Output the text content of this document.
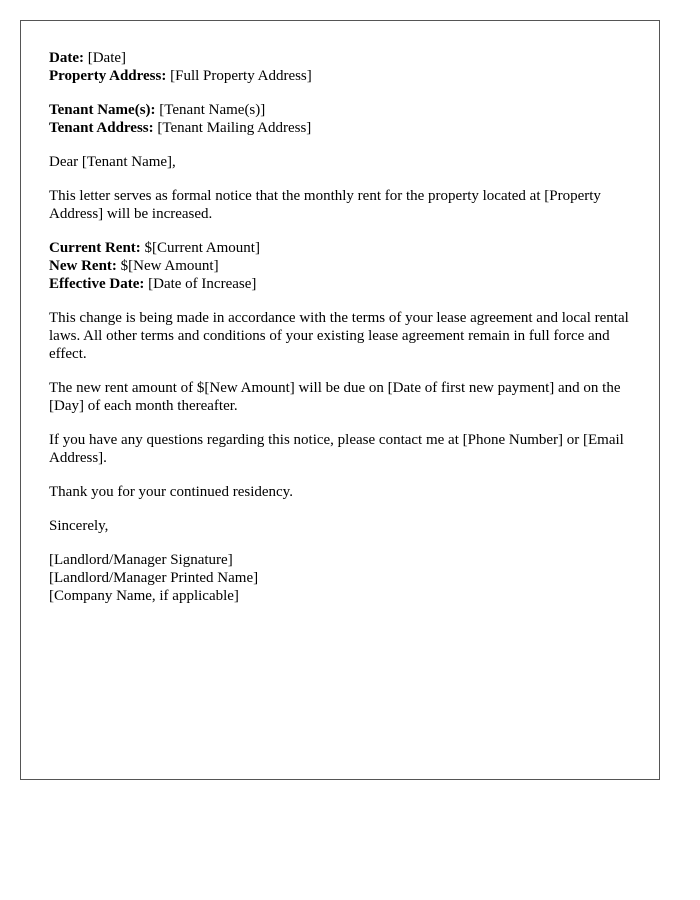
Date: [Date]
Property Address: [Full Property Address]
Tenant Name(s): [Tenant Name(s)]
Tenant Address: [Tenant Mailing Address]

Dear [Tenant Name],

This letter serves as formal notice that the monthly rent for the property located at [Property Address] will be increased.

Current Rent: $[Current Amount]
New Rent: $[New Amount]
Effective Date: [Date of Increase]

This change is being made in accordance with the terms of your lease agreement and local rental laws. All other terms and conditions of your existing lease agreement remain in full force and effect.

The new rent amount of $[New Amount] will be due on [Date of first new payment] and on the [Day] of each month thereafter.

If you have any questions regarding this notice, please contact me at [Phone Number] or [Email Address].

Thank you for your continued residency.

Sincerely,

[Landlord/Manager Signature]
[Landlord/Manager Printed Name]
[Company Name, if applicable]
